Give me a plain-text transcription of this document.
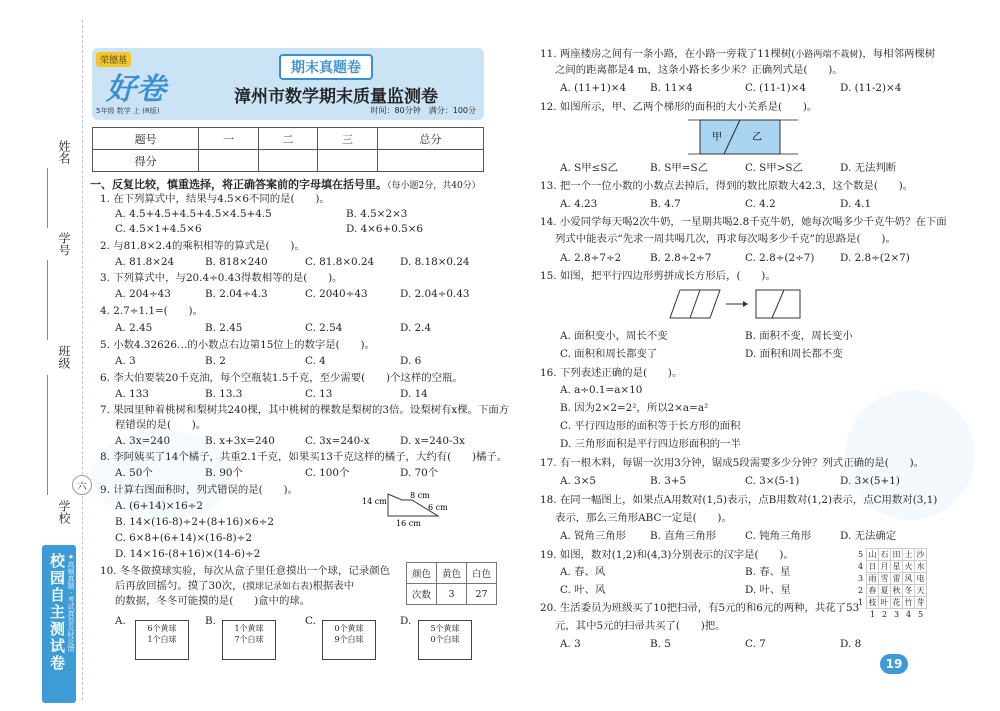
姓名
学号
班级
学校
校园自主测试卷 ★高频真题 · 考试真卷及时反馈
六
荣德基
好卷
5年级 数学 上 (R版)
期末真题卷
漳州市数学期末质量监测卷
时间：80分钟　满分：100分
题号	一	二	三	总分
得分				
一、反复比较，慎重选择，将正确答案前的字母填在括号里。（每小题2分，共40分）
1. 在下列算式中，结果与4.5×6不同的是(　　)。
A. 4.5+4.5+4.5+4.5×4.5+4.5	B. 4.5×2×3
C. 4.5×1+4.5×6	D. 4×6+0.5×6
2. 与81.8×2.4的乘积相等的算式是(　　)。
A. 81.8×24	B. 818×240	C. 81.8×0.24 D. 8.18×0.24
3. 下列算式中，与20.4÷0.43得数相等的是(　　)。
A. 204÷43	B. 2.04÷4.3	C. 2040÷43	D. 2.04÷0.43
4. 2.7÷1.1=(　　)。
A. 2.45	B. 2.4̇5̇	C. 2.5̇4̇	D. 2.4̇
5. 小数4.32626…的小数点右边第15位上的数字是(　　)。
A. 3	B. 2	C. 4	D. 6
6. 李大伯要装20千克油，每个空瓶装1.5千克，至少需要(　　)个这样的空瓶。
A. 133	B. 13.3	C. 13	D. 14
7. 果园里种着桃树和梨树共240棵，其中桃树的棵数是梨树的3倍。设梨树有x棵。下面方
程错误的是(　　)。
A. 3x=240	B. x+3x=240	C. 3x=240-x	D. x=240-3x
8. 李阿姨买了14个橘子，共重2.1千克，如果买13千克这样的橘子，大约有(　　)橘子。
A. 50个	B. 90个	C. 100个	D. 70个
9. 计算右图面积时，列式错误的是(　　)。
A. (6+14)×16÷2
B. 14×(16-8)÷2+(8+16)×6÷2
C. 6×8+(6+14)×(16-8)÷2
D. 14×16-(8+16)×(14-6)÷2
14 cm
8 cm
6 cm
16 cm
10. 冬冬做摸球实验，每次从盒子里任意摸出一个球，记录颜色
后再放回摇匀。摸了30次，(摸球记录如右表)根据表中
的数据，冬冬可能摸的是(　　)盒中的球。
颜色	黄色	白色
次数	3	27
A.
6个黄球
1个白球
B.
1个黄球
7个白球
C.
0个黄球
9个白球
D.
5个黄球
0个白球
11. 两座楼房之间有一条小路，在小路一旁栽了11棵树(小路两端不栽树)，每相邻两棵树
之间的距离都是4 m，这条小路长多少米？正确列式是(　　)。
A. (11+1)×4 B. 11×4	C. (11-1)×4	D. (11-2)×4
12. 如图所示，甲、乙两个梯形的面积的大小关系是(　　)。
甲	乙
A. S甲≤S乙	B. S甲=S乙	C. S甲>S乙	D. 无法判断
13. 把一个一位小数的小数点去掉后，得到的数比原数大42.3，这个数是(　　)。
A. 4.23	B. 4.7	C. 4.2	D. 4.1
14. 小爱同学每天喝2次牛奶，一星期共喝2.8千克牛奶，她每次喝多少千克牛奶？在下面
列式中能表示“先求一周共喝几次，再求每次喝多少千克”的思路是(　　)。
A. 2.8÷7÷2	B. 2.8÷2÷7	C. 2.8÷(2÷7) D. 2.8÷(2×7)
15. 如图，把平行四边形剪拼成长方形后，(　　)。
A. 面积变小，周长不变	B. 面积不变，周长变小
C. 面积和周长都变了	D. 面积和周长都不变
16. 下列表述正确的是(　　)。
A. a÷0.1=a×10
B. 因为2×2=2²，所以2×a=a²
C. 平行四边形的面积等于长方形的面积
D. 三角形面积是平行四边形面积的一半
17. 有一根木料，每锯一次用3分钟，锯成5段需要多少分钟？列式正确的是(　　)。
A. 3×5	B. 3+5	C. 3×(5-1)	D. 3×(5+1)
18. 在同一幅图上，如果点A用数对(1,5)表示，点B用数对(1,2)表示，点C用数对(3,1)
表示，那么三角形ABC一定是(　　)。
A. 锐角三角形 B. 直角三角形	C. 钝角三角形	D. 无法确定
19. 如图，数对(1,2)和(4,3)分别表示的汉字是(　　)。
A. 春、风	B. 春、星
C. 叶、风	D. 叶、星
5	山	石	田	土	沙
4	日	月	星	火	水
3	雨	雪	雷	风	电
2	春	夏	秋	冬	天
1	枝	叶	花	竹	芽
	1	2	3	4	5
20. 生活委员为班级买了10把扫帚，有5元的和6元的两种，共花了53
元，其中5元的扫帚共买了(　　)把。
A. 3	B. 5	C. 7	D. 8
19
